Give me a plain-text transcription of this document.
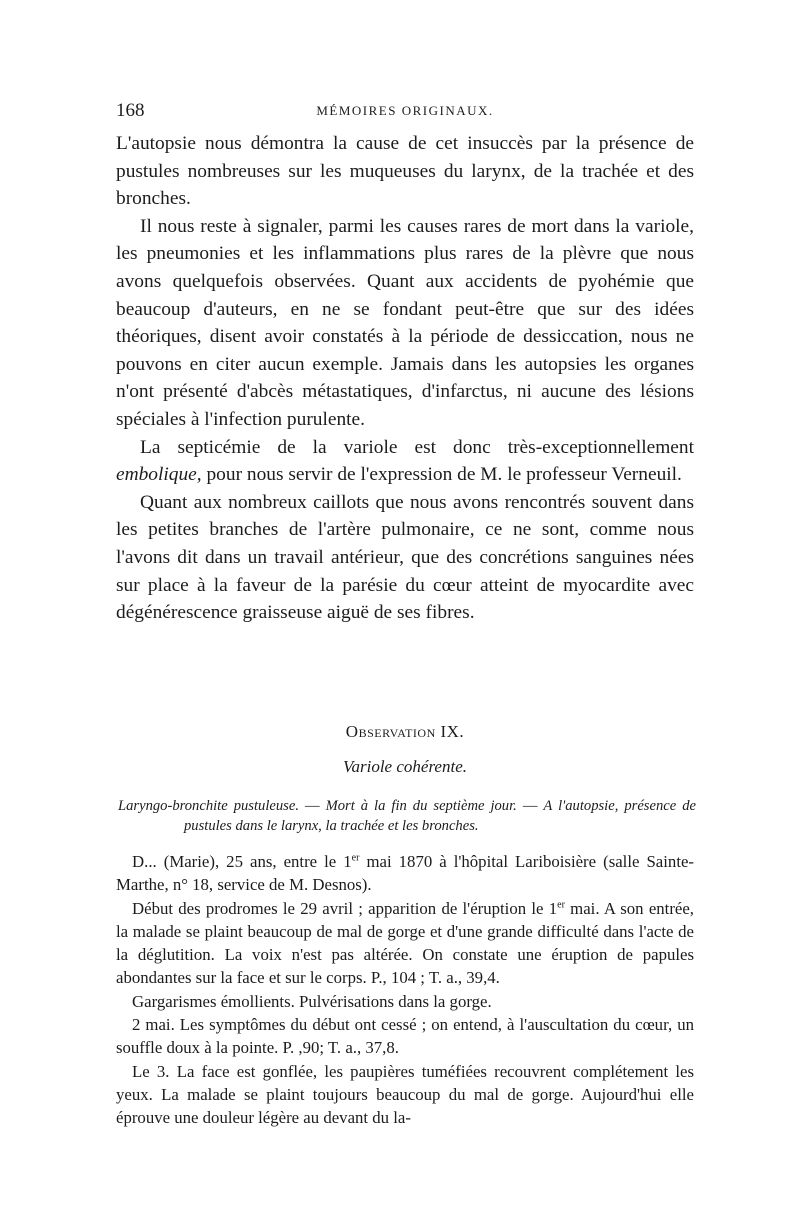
168	MÉMOIRES ORIGINAUX.

L'autopsie nous démontra la cause de cet insuccès par la présence de pustules nombreuses sur les muqueuses du larynx, de la trachée et des bronches.

Il nous reste à signaler, parmi les causes rares de mort dans la variole, les pneumonies et les inflammations plus rares de la plèvre que nous avons quelquefois observées. Quant aux accidents de pyohémie que beaucoup d'auteurs, en ne se fondant peut-être que sur des idées théoriques, disent avoir constatés à la période de dessiccation, nous ne pouvons en citer aucun exemple. Jamais dans les autopsies les organes n'ont présenté d'abcès métastatiques, d'infarctus, ni aucune des lésions spéciales à l'infection purulente.

La septicémie de la variole est donc très-exceptionnellement embolique, pour nous servir de l'expression de M. le professeur Verneuil.

Quant aux nombreux caillots que nous avons rencontrés souvent dans les petites branches de l'artère pulmonaire, ce ne sont, comme nous l'avons dit dans un travail antérieur, que des concrétions sanguines nées sur place à la faveur de la parésie du cœur atteint de myocardite avec dégénérescence graisseuse aiguë de ses fibres.

Observation IX.

Variole cohérente.

Laryngo-bronchite pustuleuse. — Mort à la fin du septième jour. — A l'autopsie, présence de pustules dans le larynx, la trachée et les bronches.

D... (Marie), 25 ans, entre le 1er mai 1870 à l'hôpital Lariboisière (salle Sainte-Marthe, n° 18, service de M. Desnos).

Début des prodromes le 29 avril ; apparition de l'éruption le 1er mai. A son entrée, la malade se plaint beaucoup de mal de gorge et d'une grande difficulté dans l'acte de la déglutition. La voix n'est pas altérée. On constate une éruption de papules abondantes sur la face et sur le corps. P., 104 ; T. a., 39,4.

Gargarismes émollients. Pulvérisations dans la gorge.

2 mai. Les symptômes du début ont cessé ; on entend, à l'auscultation du cœur, un souffle doux à la pointe. P. ,90; T. a., 37,8.

Le 3. La face est gonflée, les paupières tuméfiées recouvrent complétement les yeux. La malade se plaint toujours beaucoup du mal de gorge. Aujourd'hui elle éprouve une douleur légère au devant du la-
